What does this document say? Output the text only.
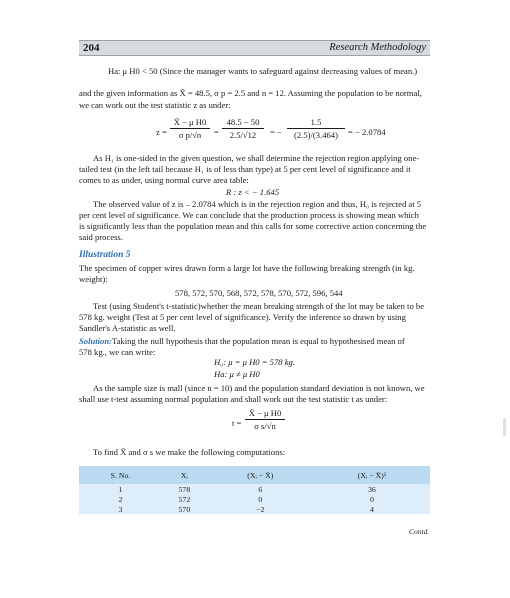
204	Research Methodology
Ha: μ H0 < 50 (Since the manager wants to safeguard against decreasing values of mean.)
and the given information as X̄ = 48.5, σ p = 2.5 and n = 12. Assuming the population to be normal,
we can work out the test statistic z as under:
$z = \frac{\text{X̄ − μ H0}}{\text{σ p/√n}} = \frac{48.5 - 50}{2.5/√12}$ = − $\frac{1.5}{(2.5)/(3.464)}$ = − 2.0784
As H₁ is one-sided in the given question, we shall determine the rejection region applying one-
tailed test (in the left tail because H₁ is of less than type) at 5 per cent level of significance and it
comes to as under, using normal curve area table:
R : z < − 1.645
The observed value of z is – 2.0784 which is in the rejection region and thus, H₀ is rejected at 5
per cent level of significance. We can conclude that the production process is showing mean which
is significantly less than the population mean and this calls for some corrective action concerning the
said process.
Illustration 5
The specimen of copper wires drawn form a large lot have the following breaking strength (in kg.
weight):
578, 572, 570, 568, 572, 578, 570, 572, 596, 544
Test (using Student's t-statistic)whether the mean breaking strength of the lot may be taken to be
578 kg. weight (Test at 5 per cent level of significance). Verify the inference so drawn by using
Sandler's A-statistic as well.
Solution:Taking the null hypothesis that the population mean is equal to hypothesised mean of
578 kg., we can write:
H₀: μ = μ H0 = 578 kg.
Ha: μ ≠ μ H0
As the sample size is mall (since n = 10) and the population standard deviation is not known, we
shall use t-test assuming normal population and shall work out the test statistic t as under:
$t = \frac{\text{X̄ − μ H0}}{\text{σ s/√n}}$
To find X̄ and σ s we make the following computations:
S. No.	Xᵢ	(Xᵢ − X̄)	(Xᵢ − X̄)²
1	578	6	36
2	572	0	0
3	570	−2	4
Contd.
